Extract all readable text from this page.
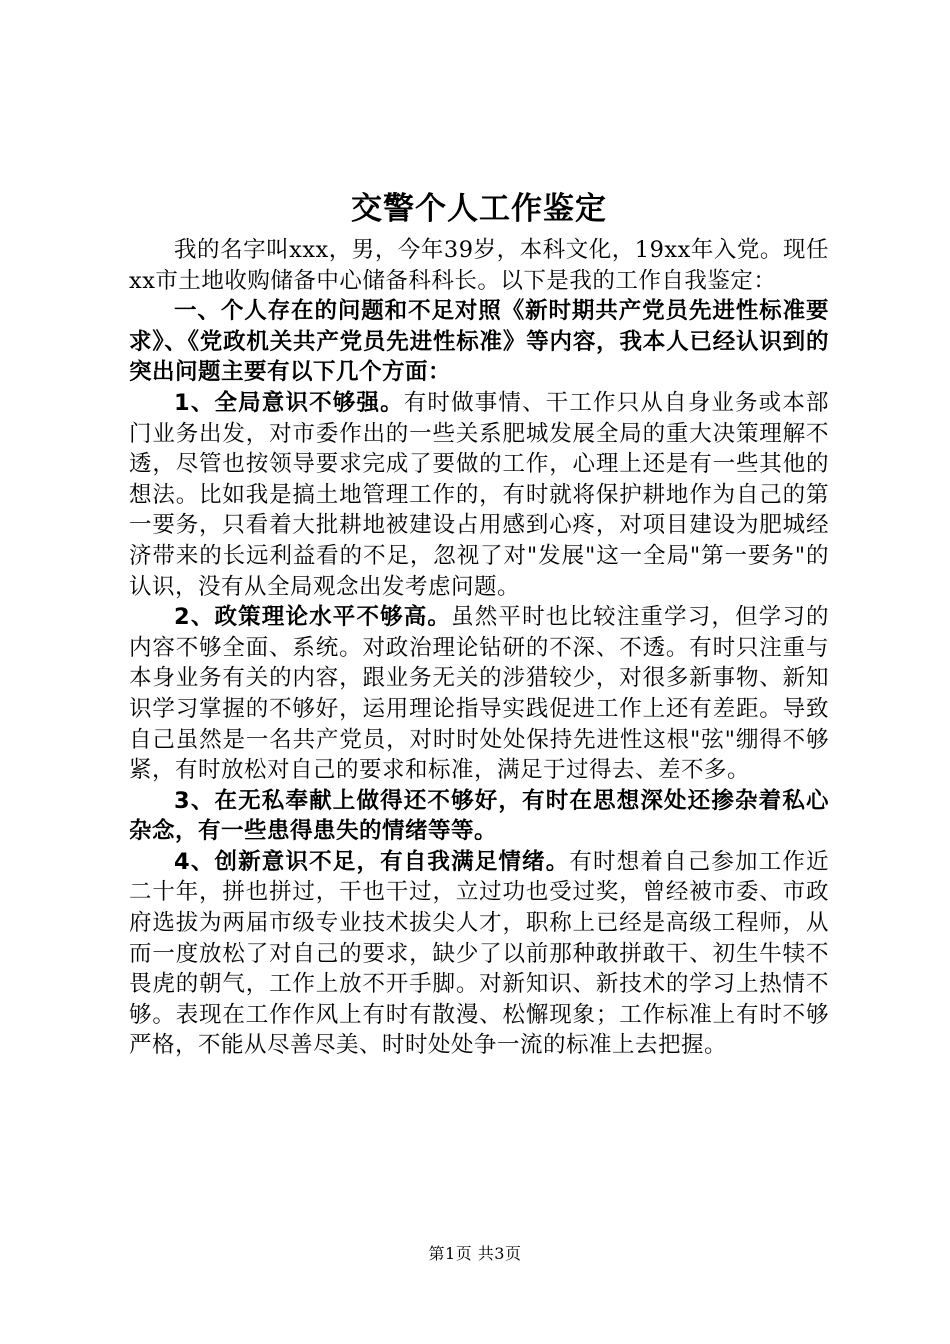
交警个人工作鉴定

我的名字叫xxx，男，今年39岁，本科文化，19xx年入党。现任xx市土地收购储备中心储备科科长。以下是我的工作自我鉴定：

一、个人存在的问题和不足对照《新时期共产党员先进性标准要求》、《党政机关共产党员先进性标准》等内容，我本人已经认识到的突出问题主要有以下几个方面：

1、全局意识不够强。有时做事情、干工作只从自身业务或本部门业务出发，对市委作出的一些关系肥城发展全局的重大决策理解不透，尽管也按领导要求完成了要做的工作，心理上还是有一些其他的想法。比如我是搞土地管理工作的，有时就将保护耕地作为自己的第一要务，只看着大批耕地被建设占用感到心疼，对项目建设为肥城经济带来的长远利益看的不足，忽视了对"发展"这一全局"第一要务"的认识，没有从全局观念出发考虑问题。

2、政策理论水平不够高。虽然平时也比较注重学习，但学习的内容不够全面、系统。对政治理论钻研的不深、不透。有时只注重与本身业务有关的内容，跟业务无关的涉猎较少，对很多新事物、新知识学习掌握的不够好，运用理论指导实践促进工作上还有差距。导致自己虽然是一名共产党员，对时时处处保持先进性这根"弦"绷得不够紧，有时放松对自己的要求和标准，满足于过得去、差不多。

3、在无私奉献上做得还不够好，有时在思想深处还掺杂着私心杂念，有一些患得患失的情绪等等。

4、创新意识不足，有自我满足情绪。有时想着自己参加工作近二十年，拼也拼过，干也干过，立过功也受过奖，曾经被市委、市政府选拔为两届市级专业技术拔尖人才，职称上已经是高级工程师，从而一度放松了对自己的要求，缺少了以前那种敢拼敢干、初生牛犊不畏虎的朝气，工作上放不开手脚。对新知识、新技术的学习上热情不够。表现在工作作风上有时有散漫、松懈现象；工作标准上有时不够严格，不能从尽善尽美、时时处处争一流的标准上去把握。

第1页 共3页
